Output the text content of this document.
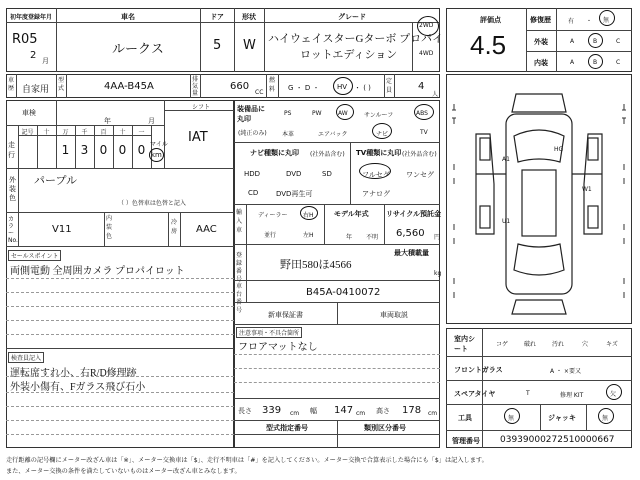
初年度登録年月
R05
2 月
車名
ルークス
ドア
5
形状
W
グレード
ハイウェイスターGターボ プロパイ
ロットエディション
2WD
4WD
車歴 自家用
型式	4AA-B45A
排気量
660
CC
燃料 G ・ D ・	HV ・ ( )
定員	4
人
車検
年	月
シフト
IAT
走行
記号	十	万	千	百	十	一
1 3 0 0 0 マイル
km
外装色
パープル
（ ）色替車は色替と記入
カラーNo.
V11
内装色
冷房 AAC
セールスポイント
両側電動 全周囲カメラ プロパイロット
検査員記入
運転席すれ小、右R/D修理跡
外装小傷有、Fガラス飛び石小
装備品に丸印
(純正のみ)
PS	PW	AW	サンルーフ	ABS
本革	エアバック	ナビ	TV
ナビ種類に丸印 (社外品含む)
HDD	DVD	SD
CD	DVD再生可
TV種類に丸印 (社外品含む)
フルセグ ワンセグ
アナログ
輸入車
ディーラー	右H
並行	左H
モデル年式
年 不明
リサイクル預託金
6,560 円
登録番号
野田580ほ4566
最大積載量
kg
車台番号
B45A-0410072
新車保証書	車両取説
注意事項・不具合箇所
フロアマットなし
長さ 339 cm 幅 147 cm 高さ 178 cm
型式指定番号	類別区分番号
評価点
4.5
修復歴	有 ・ 無
外装	A	B	C
内装	A	B	C
A1
W1
U1
HG
室内シート
コゲ	破れ	汚れ	穴	キズ
フロントガラス	A ・ ×要又
スペアタイヤ	T	修理 KIT	欠
工具	無	ジャッキ	無
管理番号 03939000272510000667
走行距離の記号欄にメーター改ざん車は「※」、メーター交換車は「$」、走行不明車は「#」を記入してください。メーター交換で合算表示した場合にも「$」は記入します。
また、メーター交換の条件を満たしていないものはメーター改ざん車とみなします。
